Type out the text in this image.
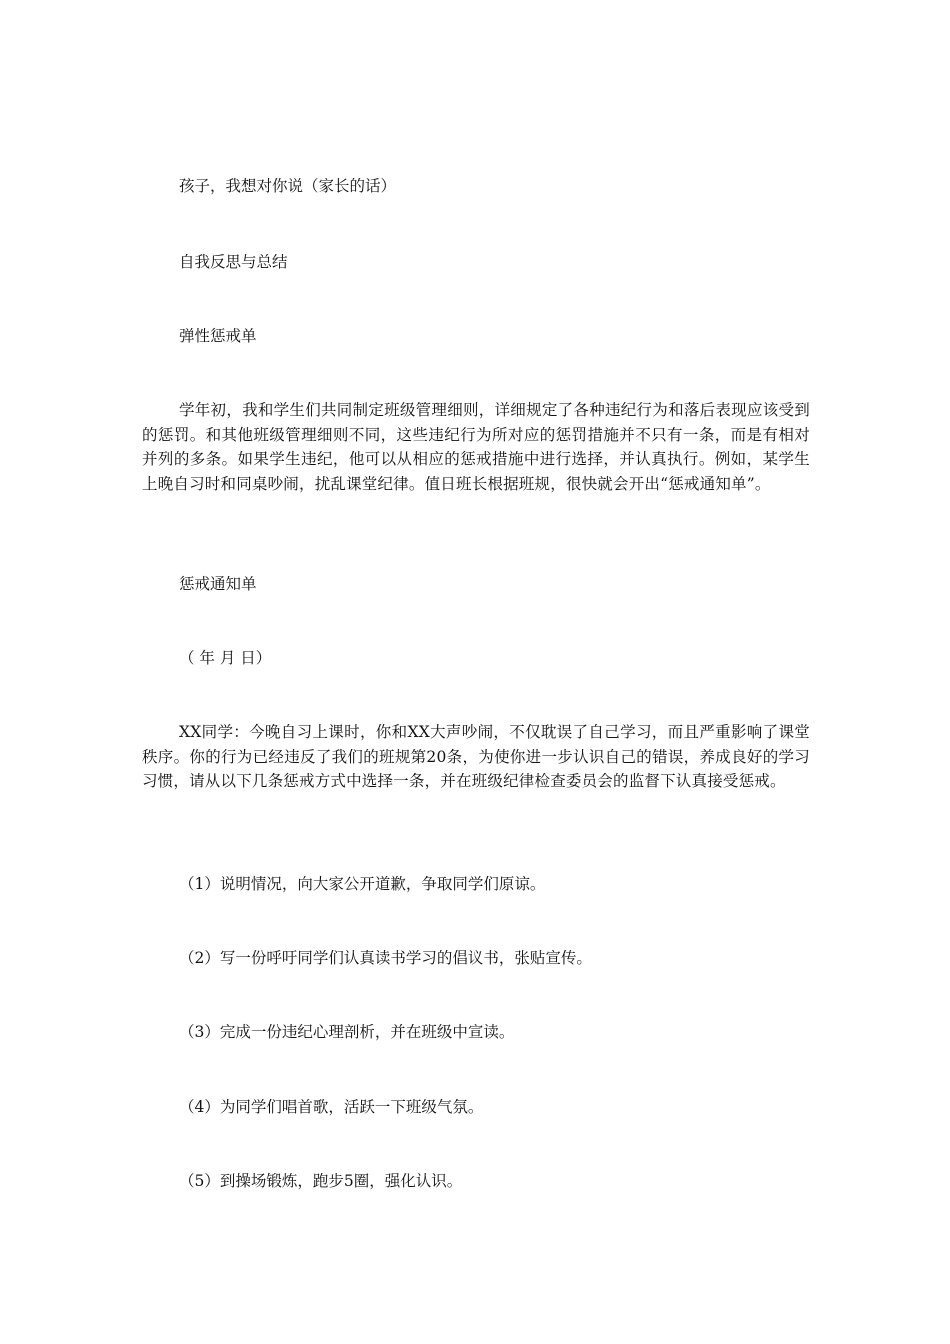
孩子，我想对你说（家长的话）
自我反思与总结
弹性惩戒单
学年初，我和学生们共同制定班级管理细则，详细规定了各种违纪行为和落后表现应该受到的惩罚。和其他班级管理细则不同，这些违纪行为所对应的惩罚措施并不只有一条，而是有相对并列的多条。如果学生违纪，他可以从相应的惩戒措施中进行选择，并认真执行。例如，某学生上晚自习时和同桌吵闹，扰乱课堂纪律。值日班长根据班规，很快就会开出“惩戒通知单”。
惩戒通知单
（ 年 月 日）
XX同学：今晚自习上课时，你和XX大声吵闹，不仅耽误了自己学习，而且严重影响了课堂秩序。你的行为已经违反了我们的班规第20条，为使你进一步认识自己的错误，养成良好的学习习惯，请从以下几条惩戒方式中选择一条，并在班级纪律检查委员会的监督下认真接受惩戒。
（1）说明情况，向大家公开道歉，争取同学们原谅。
（2）写一份呼吁同学们认真读书学习的倡议书，张贴宣传。
（3）完成一份违纪心理剖析，并在班级中宣读。
（4）为同学们唱首歌，活跃一下班级气氛。
（5）到操场锻炼，跑步5圈，强化认识。
